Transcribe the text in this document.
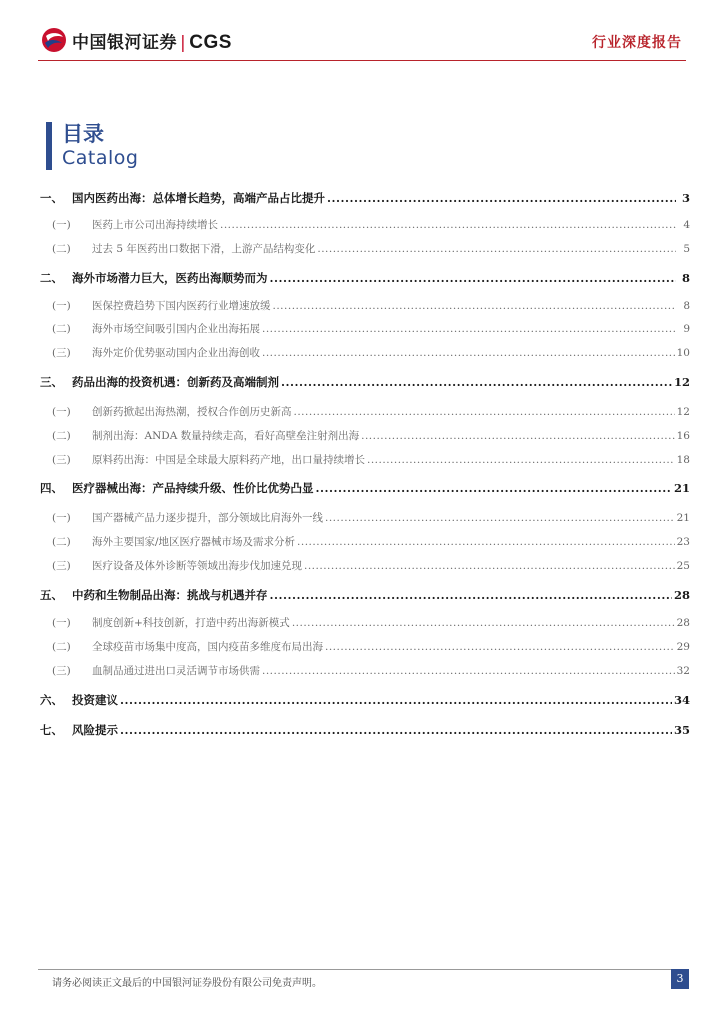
中国银河证券 | CGS	行业深度报告
目录
Catalog
一、 国内医药出海：总体增长趋势，高端产品占比提升 .....	3
(一)	医药上市公司出海持续增长 .....	4
(二)	过去 5 年医药出口数据下滑，上游产品结构变化 .....	5
二、 海外市场潜力巨大，医药出海顺势而为 .....	8
(一)	医保控费趋势下国内医药行业增速放缓 .....	8
(二)	海外市场空间吸引国内企业出海拓展 .....	9
(三)	海外定价优势驱动国内企业出海创收 .....	10
三、 药品出海的投资机遇：创新药及高端制剂 .....	12
(一)	创新药掀起出海热潮，授权合作创历史新高 .....	12
(二)	制剂出海：ANDA 数量持续走高，看好高壁垒注射剂出海 .....	16
(三)	原料药出海：中国是全球最大原料药产地，出口量持续增长 .....	18
四、 医疗器械出海：产品持续升级、性价比优势凸显 .....	21
(一)	国产器械产品力逐步提升，部分领域比肩海外一线 .....	21
(二)	海外主要国家/地区医疗器械市场及需求分析 .....	23
(三)	医疗设备及体外诊断等领域出海步伐加速兑现 .....	25
五、 中药和生物制品出海：挑战与机遇并存 .....	28
(一)	制度创新+科技创新，打造中药出海新模式 .....	28
(二)	全球疫苗市场集中度高，国内疫苗多维度布局出海 .....	29
(三)	血制品通过进出口灵活调节市场供需 .....	32
六、 投资建议 .....	34
七、 风险提示 .....	35
请务必阅读正文最后的中国银河证券股份有限公司免责声明。	3
